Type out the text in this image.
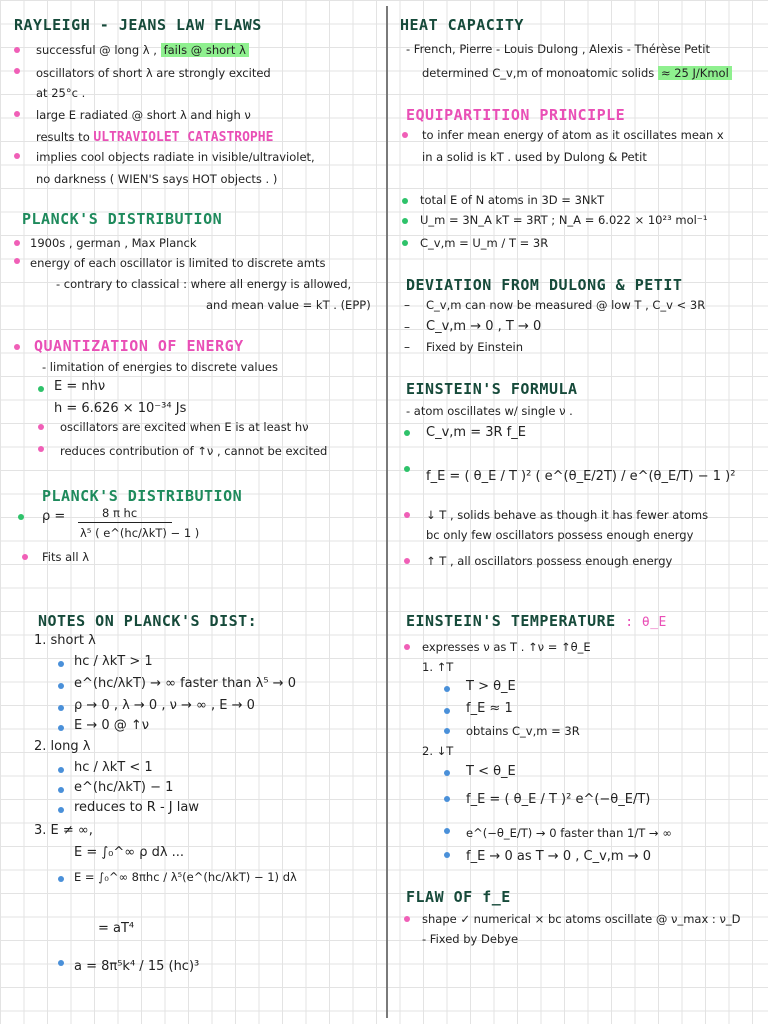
RAYLEIGH - JEANS LAW FLAWS
successful @ long λ , fails @ short λ
oscillators of short λ are strongly excited
at 25°c .
large E radiated @ short λ and high ν
results to ULTRAVIOLET CATASTROPHE
implies cool objects radiate in visible/ultraviolet,
no darkness ( WIEN'S says HOT objects . )
PLANCK'S DISTRIBUTION
1900s , german , Max Planck
energy of each oscillator is limited to discrete amts
- contrary to classical : where all energy is allowed,
and mean value = kT . (EPP)
QUANTIZATION OF ENERGY
- limitation of energies to discrete values
E = nhν
h = 6.626 × 10⁻³⁴ Js
oscillators are excited when E is at least hν
reduces contribution of ↑ν , cannot be excited
PLANCK'S DISTRIBUTION
ρ =	8 π hc
λ⁵ ( e^(hc/λkT) − 1 )
Fits all λ
NOTES ON PLANCK'S DIST:
1. short λ
hc / λkT > 1
e^(hc/λkT) → ∞ faster than λ⁵ → 0
ρ → 0 , λ → 0 , ν → ∞ , E → 0
E → 0 @ ↑ν
2. long λ
hc / λkT < 1
e^(hc/λkT) − 1
reduces to R - J law
3. E ≠ ∞,
E = ∫₀^∞ ρ dλ ...
E = ∫₀^∞ 8πhc / λ⁵(e^(hc/λkT) − 1) dλ
= aT⁴
a = 8π⁵k⁴ / 15 (hc)³
HEAT CAPACITY
- French, Pierre - Louis Dulong , Alexis - Thérèse Petit
determined C_v,m of monoatomic solids ≈ 25 J/Kmol
EQUIPARTITION PRINCIPLE
to infer mean energy of atom as it oscillates mean x
in a solid is kT . used by Dulong & Petit
total E of N atoms in 3D = 3NkT
U_m = 3N_A kT = 3RT ; N_A = 6.022 × 10²³ mol⁻¹
C_v,m = U_m / T = 3R
DEVIATION FROM DULONG & PETIT
– C_v,m can now be measured @ low T , C_v < 3R
– C_v,m → 0 , T → 0
– Fixed by Einstein
EINSTEIN'S FORMULA
- atom oscillates w/ single ν .
C_v,m = 3R f_E
f_E = ( θ_E / T )² ( e^(θ_E/2T) / e^(θ_E/T) − 1 )²
↓ T , solids behave as though it has fewer atoms
bc only few oscillators possess enough energy
↑ T , all oscillators possess enough energy
EINSTEIN'S TEMPERATURE : θ_E
expresses ν as T . ↑ν = ↑θ_E
1. ↑T
T > θ_E
f_E ≈ 1
obtains C_v,m = 3R
2. ↓T
T < θ_E
f_E = ( θ_E / T )² e^(−θ_E/T)
e^(−θ_E/T) → 0 faster than 1/T → ∞
f_E → 0 as T → 0 , C_v,m → 0
FLAW OF f_E
shape ✓ numerical × bc atoms oscillate @ ν_max : ν_D
- Fixed by Debye
